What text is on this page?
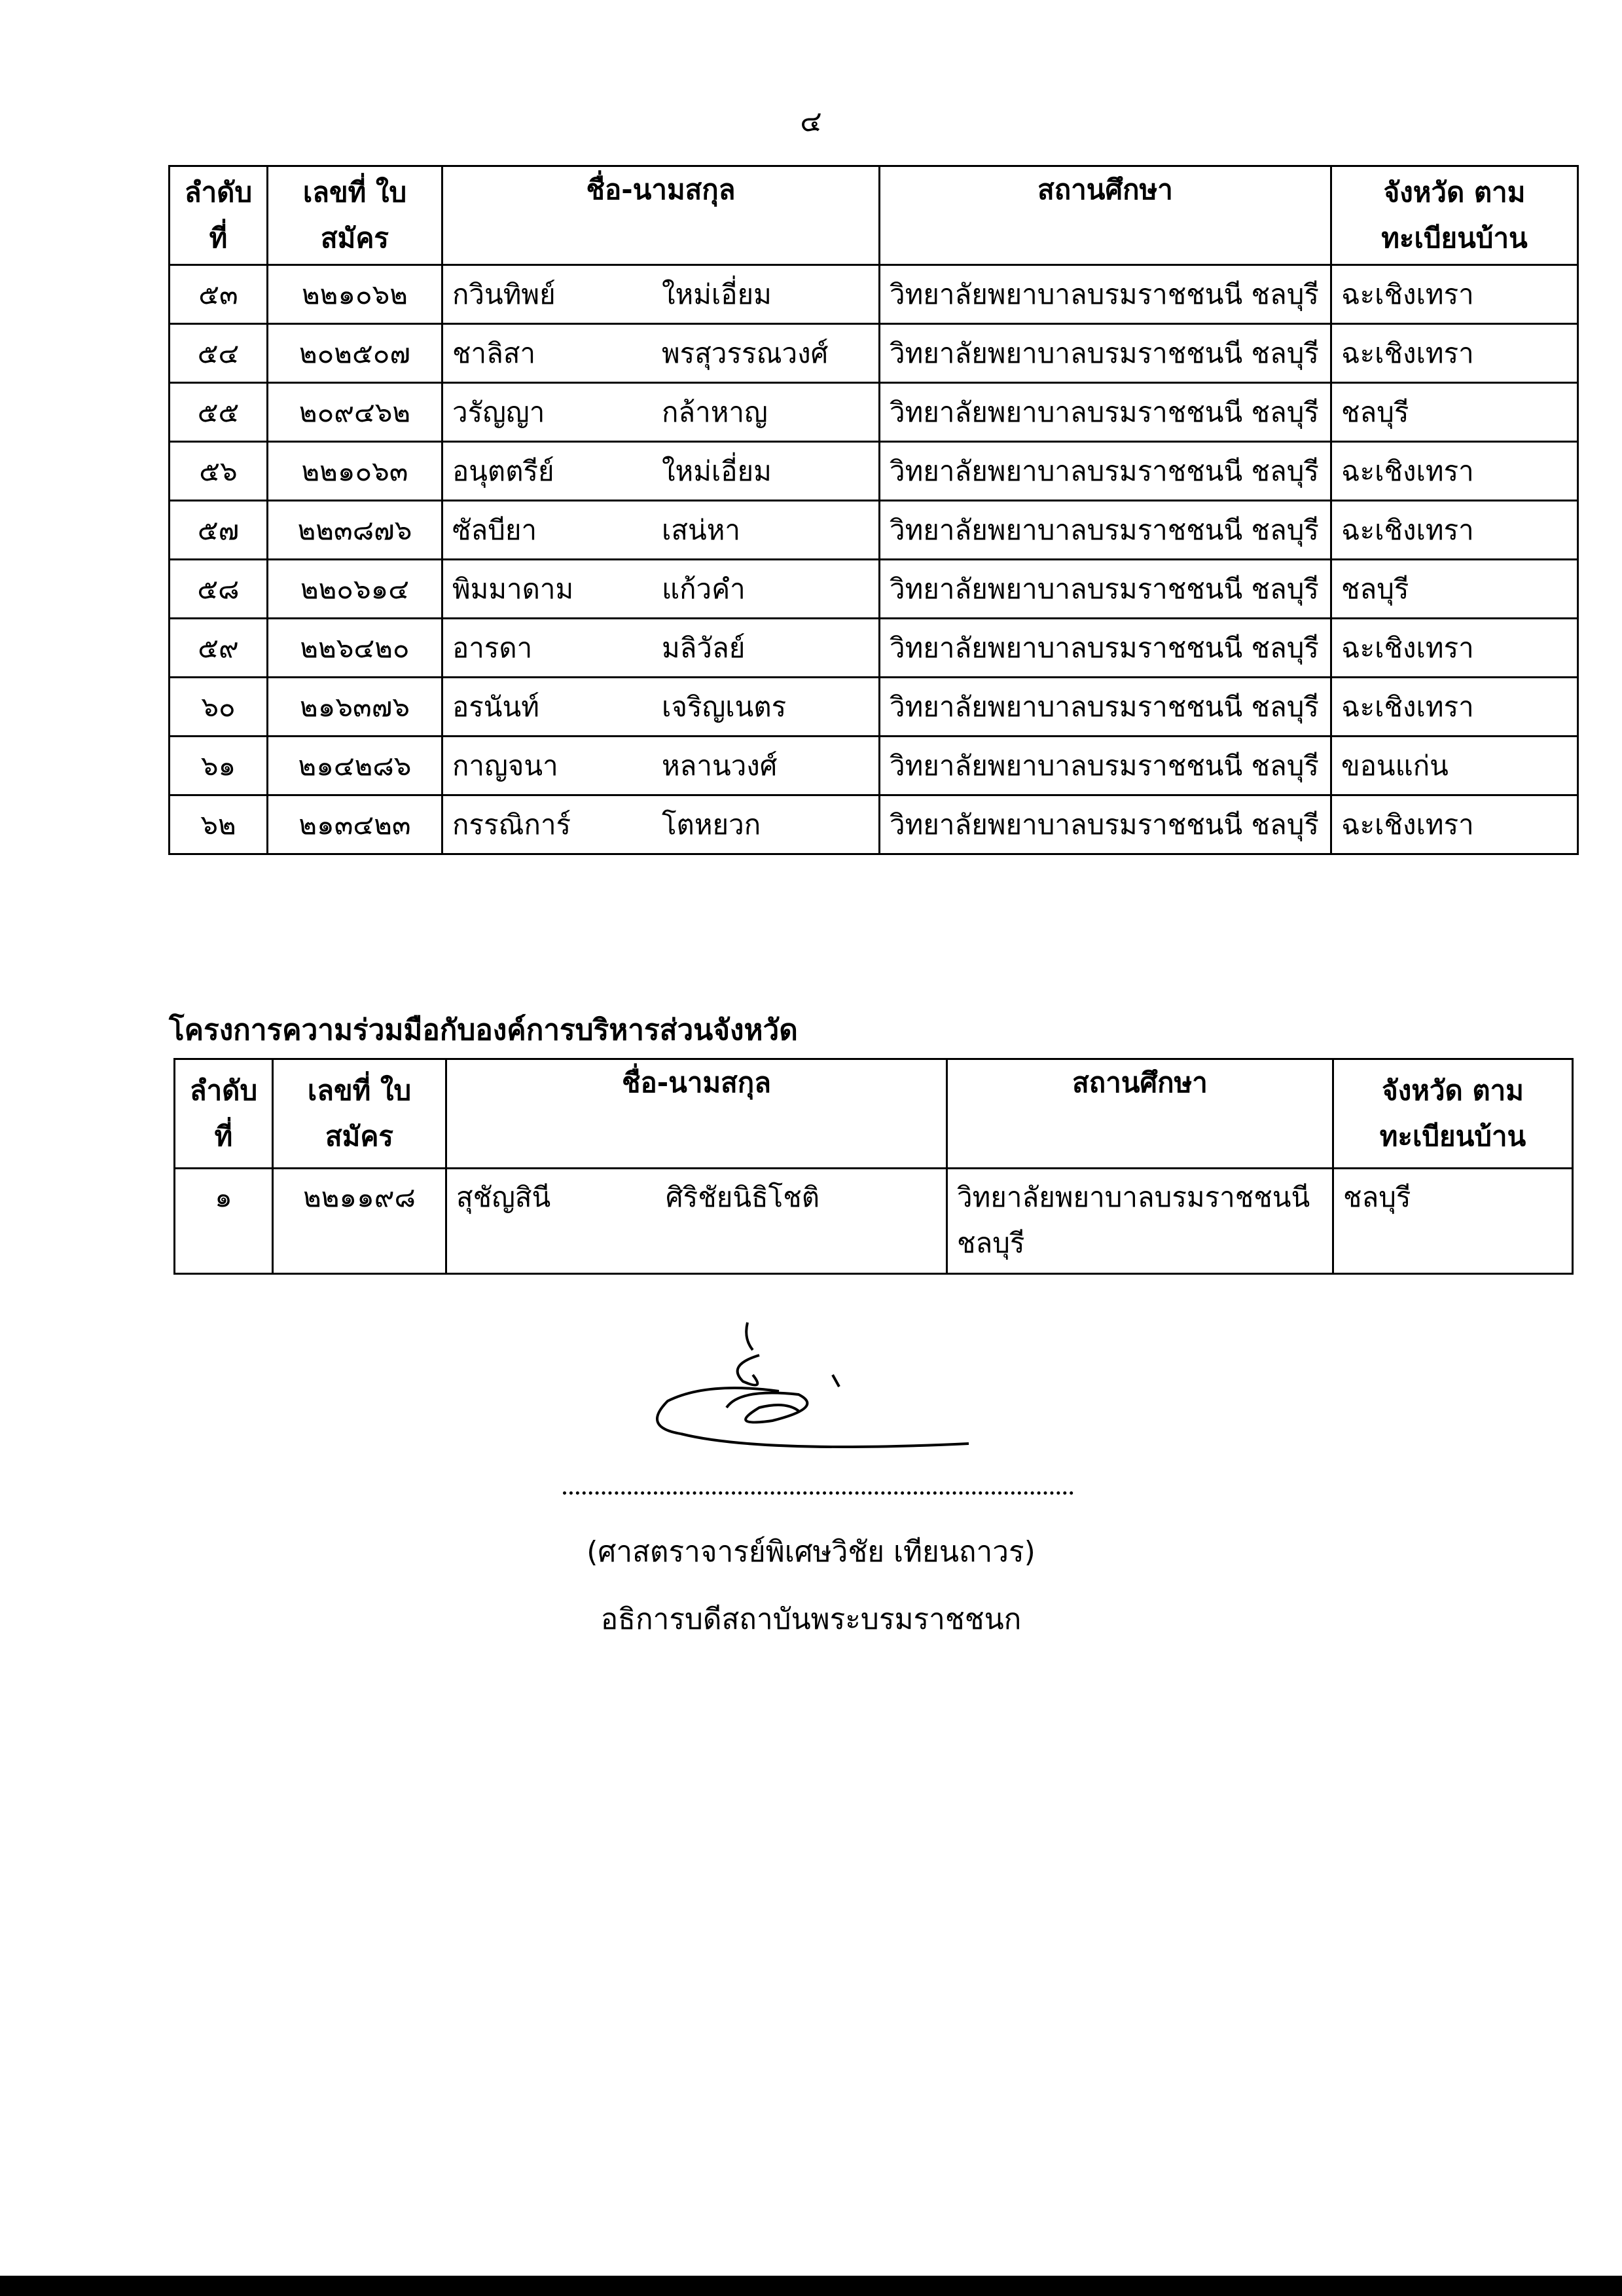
๔
ลำดับ ที่	เลขที่ ใบสมัคร	ชื่อ-นามสกุล	สถานศึกษา	จังหวัด ตามทะเบียนบ้าน
๕๓	๒๒๑๐๖๒	กวินทิพย์ ใหม่เอี่ยม	วิทยาลัยพยาบาลบรมราชชนนี ชลบุรี	ฉะเชิงเทรา
๕๔	๒๐๒๕๐๗	ชาลิสา พรสุวรรณวงศ์	วิทยาลัยพยาบาลบรมราชชนนี ชลบุรี	ฉะเชิงเทรา
๕๕	๒๐๙๔๖๒	วรัญญา กล้าหาญ	วิทยาลัยพยาบาลบรมราชชนนี ชลบุรี	ชลบุรี
๕๖	๒๒๑๐๖๓	อนุตตรีย์ ใหม่เอี่ยม	วิทยาลัยพยาบาลบรมราชชนนี ชลบุรี	ฉะเชิงเทรา
๕๗	๒๒๓๘๗๖	ซัลบียา เสน่หา	วิทยาลัยพยาบาลบรมราชชนนี ชลบุรี	ฉะเชิงเทรา
๕๘	๒๒๐๖๑๔	พิมมาดาม แก้วคำ	วิทยาลัยพยาบาลบรมราชชนนี ชลบุรี	ชลบุรี
๕๙	๒๒๖๔๒๐	อารดา มลิวัลย์	วิทยาลัยพยาบาลบรมราชชนนี ชลบุรี	ฉะเชิงเทรา
๖๐	๒๑๖๓๗๖	อรนันท์ เจริญเนตร	วิทยาลัยพยาบาลบรมราชชนนี ชลบุรี	ฉะเชิงเทรา
๖๑	๒๑๔๒๘๖	กาญจนา หลานวงศ์	วิทยาลัยพยาบาลบรมราชชนนี ชลบุรี	ขอนแก่น
๖๒	๒๑๓๔๒๓	กรรณิการ์ โตหยวก	วิทยาลัยพยาบาลบรมราชชนนี ชลบุรี	ฉะเชิงเทรา
โครงการความร่วมมือกับองค์การบริหารส่วนจังหวัด
ลำดับ ที่	เลขที่ ใบสมัคร	ชื่อ-นามสกุล	สถานศึกษา	จังหวัด ตามทะเบียนบ้าน
๑	๒๒๑๑๙๘	สุชัญสินี ศิริชัยนิธิโชติ	วิทยาลัยพยาบาลบรมราชชนนี ชลบุรี	ชลบุรี
(ศาสตราจารย์พิเศษวิชัย เทียนถาวร)
อธิการบดีสถาบันพระบรมราชชนก
